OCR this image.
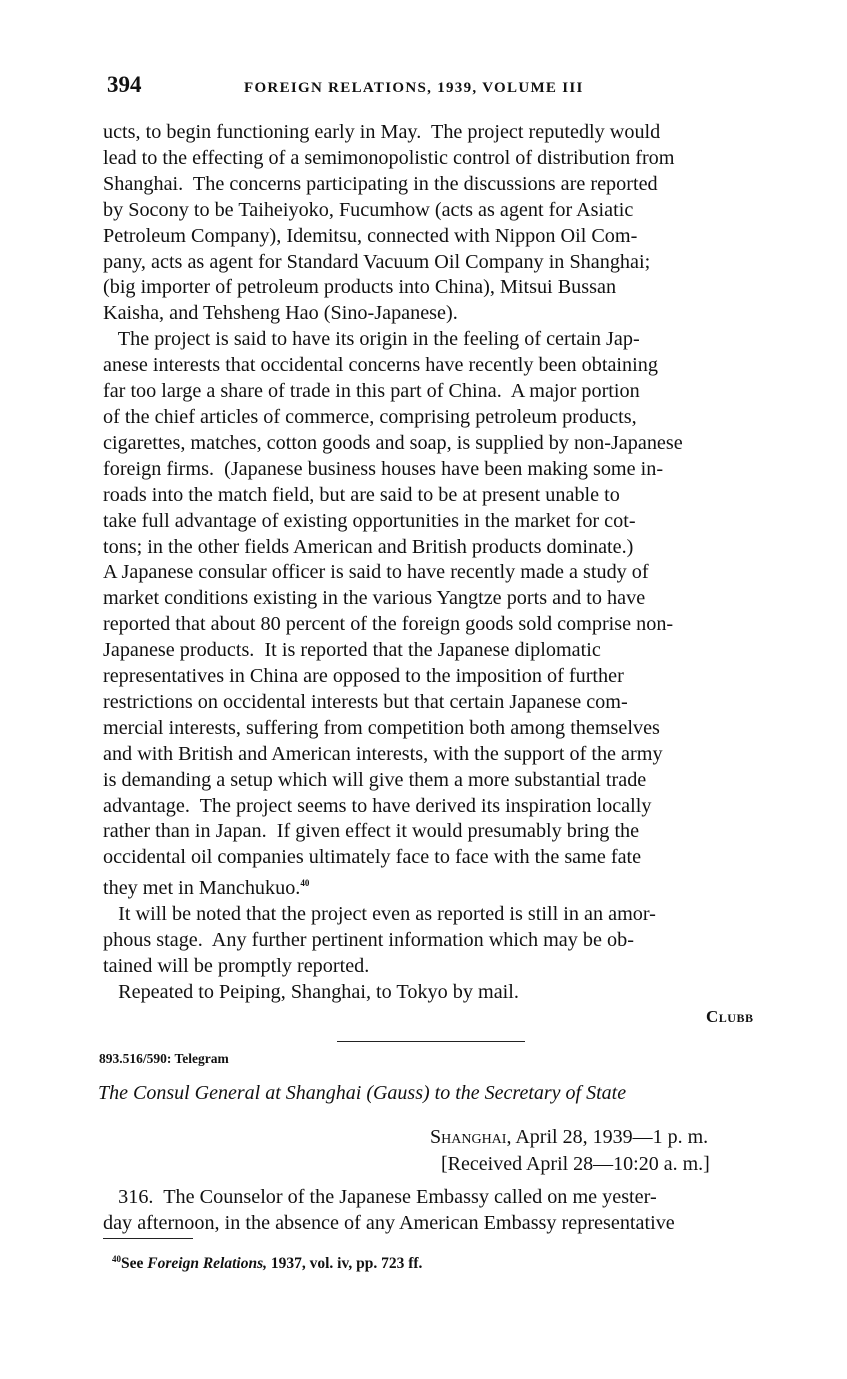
394	FOREIGN RELATIONS, 1939, VOLUME III
ucts, to begin functioning early in May.  The project reputedly would
lead to the effecting of a semimonopolistic control of distribution from
Shanghai.  The concerns participating in the discussions are reported
by Socony to be Taiheiyoko, Fucumhow (acts as agent for Asiatic
Petroleum Company), Idemitsu, connected with Nippon Oil Com-
pany, acts as agent for Standard Vacuum Oil Company in Shanghai;
(big importer of petroleum products into China), Mitsui Bussan
Kaisha, and Tehsheng Hao (Sino-Japanese).
The project is said to have its origin in the feeling of certain Jap-
anese interests that occidental concerns have recently been obtaining
far too large a share of trade in this part of China.  A major portion
of the chief articles of commerce, comprising petroleum products,
cigarettes, matches, cotton goods and soap, is supplied by non-Japanese
foreign firms.  (Japanese business houses have been making some in-
roads into the match field, but are said to be at present unable to
take full advantage of existing opportunities in the market for cot-
tons; in the other fields American and British products dominate.)
A Japanese consular officer is said to have recently made a study of
market conditions existing in the various Yangtze ports and to have
reported that about 80 percent of the foreign goods sold comprise non-
Japanese products.  It is reported that the Japanese diplomatic
representatives in China are opposed to the imposition of further
restrictions on occidental interests but that certain Japanese com-
mercial interests, suffering from competition both among themselves
and with British and American interests, with the support of the army
is demanding a setup which will give them a more substantial trade
advantage.  The project seems to have derived its inspiration locally
rather than in Japan.  If given effect it would presumably bring the
occidental oil companies ultimately face to face with the same fate
they met in Manchukuo.$^{40}$
It will be noted that the project even as reported is still in an amor-
phous stage.  Any further pertinent information which may be ob-
tained will be promptly reported.
Repeated to Peiping, Shanghai, to Tokyo by mail.
Clubb
893.516/590: Telegram
The Consul General at Shanghai (Gauss) to the Secretary of State
Shanghai, April 28, 1939—1 p. m.
[Received April 28—10:20 a. m.]
316.  The Counselor of the Japanese Embassy called on me yester-
day afternoon, in the absence of any American Embassy representative
$^{40}$See Foreign Relations, 1937, vol. iv, pp. 723 ff.
